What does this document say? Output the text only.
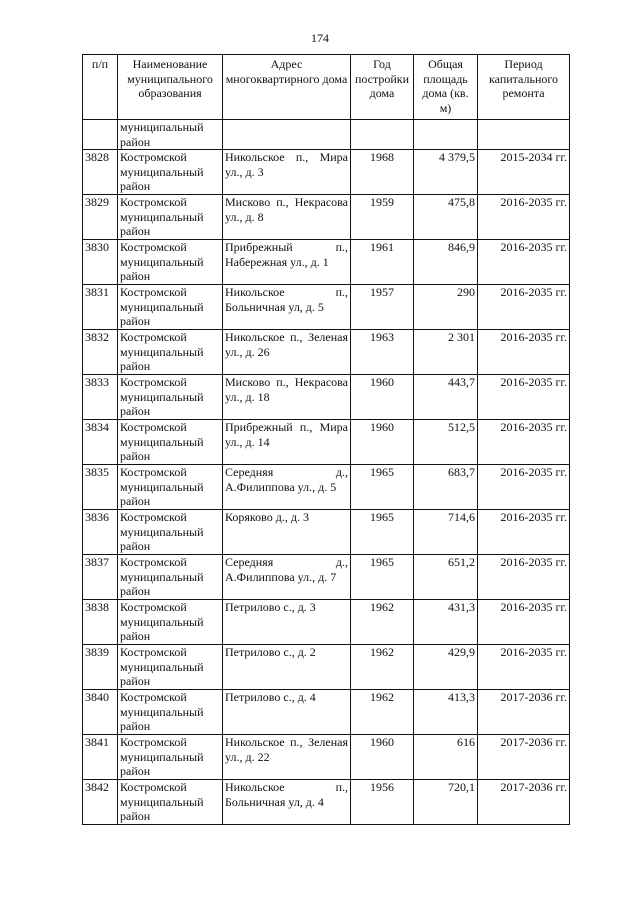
174
п/п	Наименование муниципального образования	Адрес многоквартирного дома	Год постройки дома	Общая площадь дома (кв. м)	Период капитального ремонта
	муниципальный район				
3828	Костромской муниципальный район	Никольское п., Мира ул., д. 3	1968	4 379,5	2015-2034 гг.
3829	Костромской муниципальный район	Мисково п., Некрасова ул., д. 8	1959	475,8	2016-2035 гг.
3830	Костромской муниципальный район	Прибрежный п., Набережная ул., д. 1	1961	846,9	2016-2035 гг.
3831	Костромской муниципальный район	Никольское п., Больничная ул, д. 5	1957	290	2016-2035 гг.
3832	Костромской муниципальный район	Никольское п., Зеленая ул., д. 26	1963	2 301	2016-2035 гг.
3833	Костромской муниципальный район	Мисково п., Некрасова ул., д. 18	1960	443,7	2016-2035 гг.
3834	Костромской муниципальный район	Прибрежный п., Мира ул., д. 14	1960	512,5	2016-2035 гг.
3835	Костромской муниципальный район	Середняя д., А.Филиппова ул., д. 5	1965	683,7	2016-2035 гг.
3836	Костромской муниципальный район	Коряково д., д. 3	1965	714,6	2016-2035 гг.
3837	Костромской муниципальный район	Середняя д., А.Филиппова ул., д. 7	1965	651,2	2016-2035 гг.
3838	Костромской муниципальный район	Петрилово с., д. 3	1962	431,3	2016-2035 гг.
3839	Костромской муниципальный район	Петрилово с., д. 2	1962	429,9	2016-2035 гг.
3840	Костромской муниципальный район	Петрилово с., д. 4	1962	413,3	2017-2036 гг.
3841	Костромской муниципальный район	Никольское п., Зеленая ул., д. 22	1960	616	2017-2036 гг.
3842	Костромской муниципальный район	Никольское п., Больничная ул, д. 4	1956	720,1	2017-2036 гг.
